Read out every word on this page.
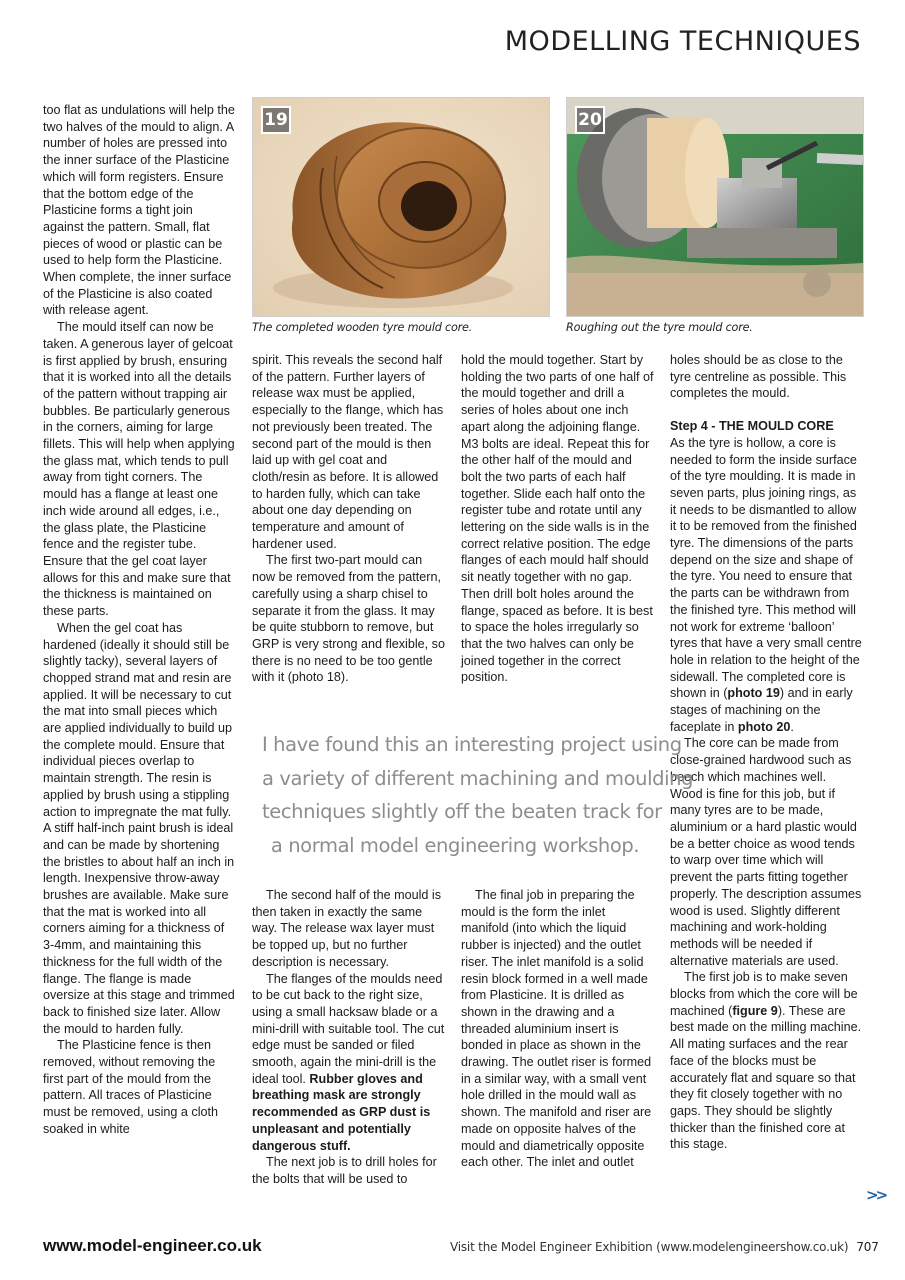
MODELLING TECHNIQUES

too flat as undulations will help the two halves of the mould to align. A number of holes are pressed into the inner surface of the Plasticine which will form registers. Ensure that the bottom edge of the Plasticine forms a tight join against the pattern. Small, flat pieces of wood or plastic can be used to help form the Plasticine. When complete, the inner surface of the Plasticine is also coated with release agent.

The mould itself can now be taken. A generous layer of gelcoat is first applied by brush, ensuring that it is worked into all the details of the pattern without trapping air bubbles. Be particularly generous in the corners, aiming for large fillets. This will help when applying the glass mat, which tends to pull away from tight corners. The mould has a flange at least one inch wide around all edges, i.e., the glass plate, the Plasticine fence and the register tube. Ensure that the gel coat layer allows for this and make sure that the thickness is maintained on these parts.

When the gel coat has hardened (ideally it should still be slightly tacky), several layers of chopped strand mat and resin are applied. It will be necessary to cut the mat into small pieces which are applied individually to build up the complete mould. Ensure that individual pieces overlap to maintain strength. The resin is applied by brush using a stippling action to impregnate the mat fully. A stiff half-inch paint brush is ideal and can be made by shortening the bristles to about half an inch in length. Inexpensive throw-away brushes are available. Make sure that the mat is worked into all corners aiming for a thickness of 3-4mm, and maintaining this thickness for the full width of the flange. The flange is made oversize at this stage and trimmed back to finished size later. Allow the mould to harden fully.

The Plasticine fence is then removed, without removing the first part of the mould from the pattern. All traces of Plasticine must be removed, using a cloth soaked in white

19
The completed wooden tyre mould core.
20
Roughing out the tyre mould core.

spirit. This reveals the second half of the pattern. Further layers of release wax must be applied, especially to the flange, which has not previously been treated. The second part of the mould is then laid up with gel coat and cloth/resin as before. It is allowed to harden fully, which can take about one day depending on temperature and amount of hardener used.

The first two-part mould can now be removed from the pattern, carefully using a sharp chisel to separate it from the glass. It may be quite stubborn to remove, but GRP is very strong and flexible, so there is no need to be too gentle with it (photo 18).

hold the mould together. Start by holding the two parts of one half of the mould together and drill a series of holes about one inch apart along the adjoining flange. M3 bolts are ideal. Repeat this for the other half of the mould and bolt the two parts of each half together. Slide each half onto the register tube and rotate until any lettering on the side walls is in the correct relative position. The edge flanges of each mould half should sit neatly together with no gap. Then drill bolt holes around the flange, spaced as before. It is best to space the holes irregularly so that the two halves can only be joined together in the correct position.

holes should be as close to the tyre centreline as possible. This completes the mould.

Step 4 - THE MOULD CORE

As the tyre is hollow, a core is needed to form the inside surface of the tyre moulding. It is made in seven parts, plus joining rings, as it needs to be dismantled to allow it to be removed from the finished tyre. The dimensions of the parts depend on the size and shape of the tyre. You need to ensure that the parts can be withdrawn from the finished tyre. This method will not work for extreme ‘balloon’ tyres that have a very small centre hole in relation to the height of the sidewall. The completed core is shown in (photo 19) and in early stages of machining on the faceplate in photo 20.

The core can be made from close-grained hardwood such as beech which machines well. Wood is fine for this job, but if many tyres are to be made, aluminium or a hard plastic would be a better choice as wood tends to warp over time which will prevent the parts fitting together properly. The description assumes wood is used. Slightly different machining and work-holding methods will be needed if alternative materials are used.

The first job is to make seven blocks from which the core will be machined (figure 9). These are best made on the milling machine. All mating surfaces and the rear face of the blocks must be accurately flat and square so that they fit closely together with no gaps. They should be slightly thicker than the finished core at this stage.

I have found this an interesting project using
a variety of different machining and moulding
techniques slightly off the beaten track for
a normal model engineering workshop.

The second half of the mould is then taken in exactly the same way. The release wax layer must be topped up, but no further description is necessary.

The flanges of the moulds need to be cut back to the right size, using a small hacksaw blade or a mini-drill with suitable tool. The cut edge must be sanded or filed smooth, again the mini-drill is the ideal tool. Rubber gloves and breathing mask are strongly recommended as GRP dust is unpleasant and potentially dangerous stuff.

The next job is to drill holes for the bolts that will be used to

The final job in preparing the mould is the form the inlet manifold (into which the liquid rubber is injected) and the outlet riser. The inlet manifold is a solid resin block formed in a well made from Plasticine. It is drilled as shown in the drawing and a threaded aluminium insert is bonded in place as shown in the drawing. The outlet riser is formed in a similar way, with a small vent hole drilled in the mould wall as shown. The manifold and riser are made on opposite halves of the mould and diametrically opposite each other. The inlet and outlet

>>
www.model-engineer.co.uk	Visit the Model Engineer Exhibition (www.modelengineershow.co.uk) 707
